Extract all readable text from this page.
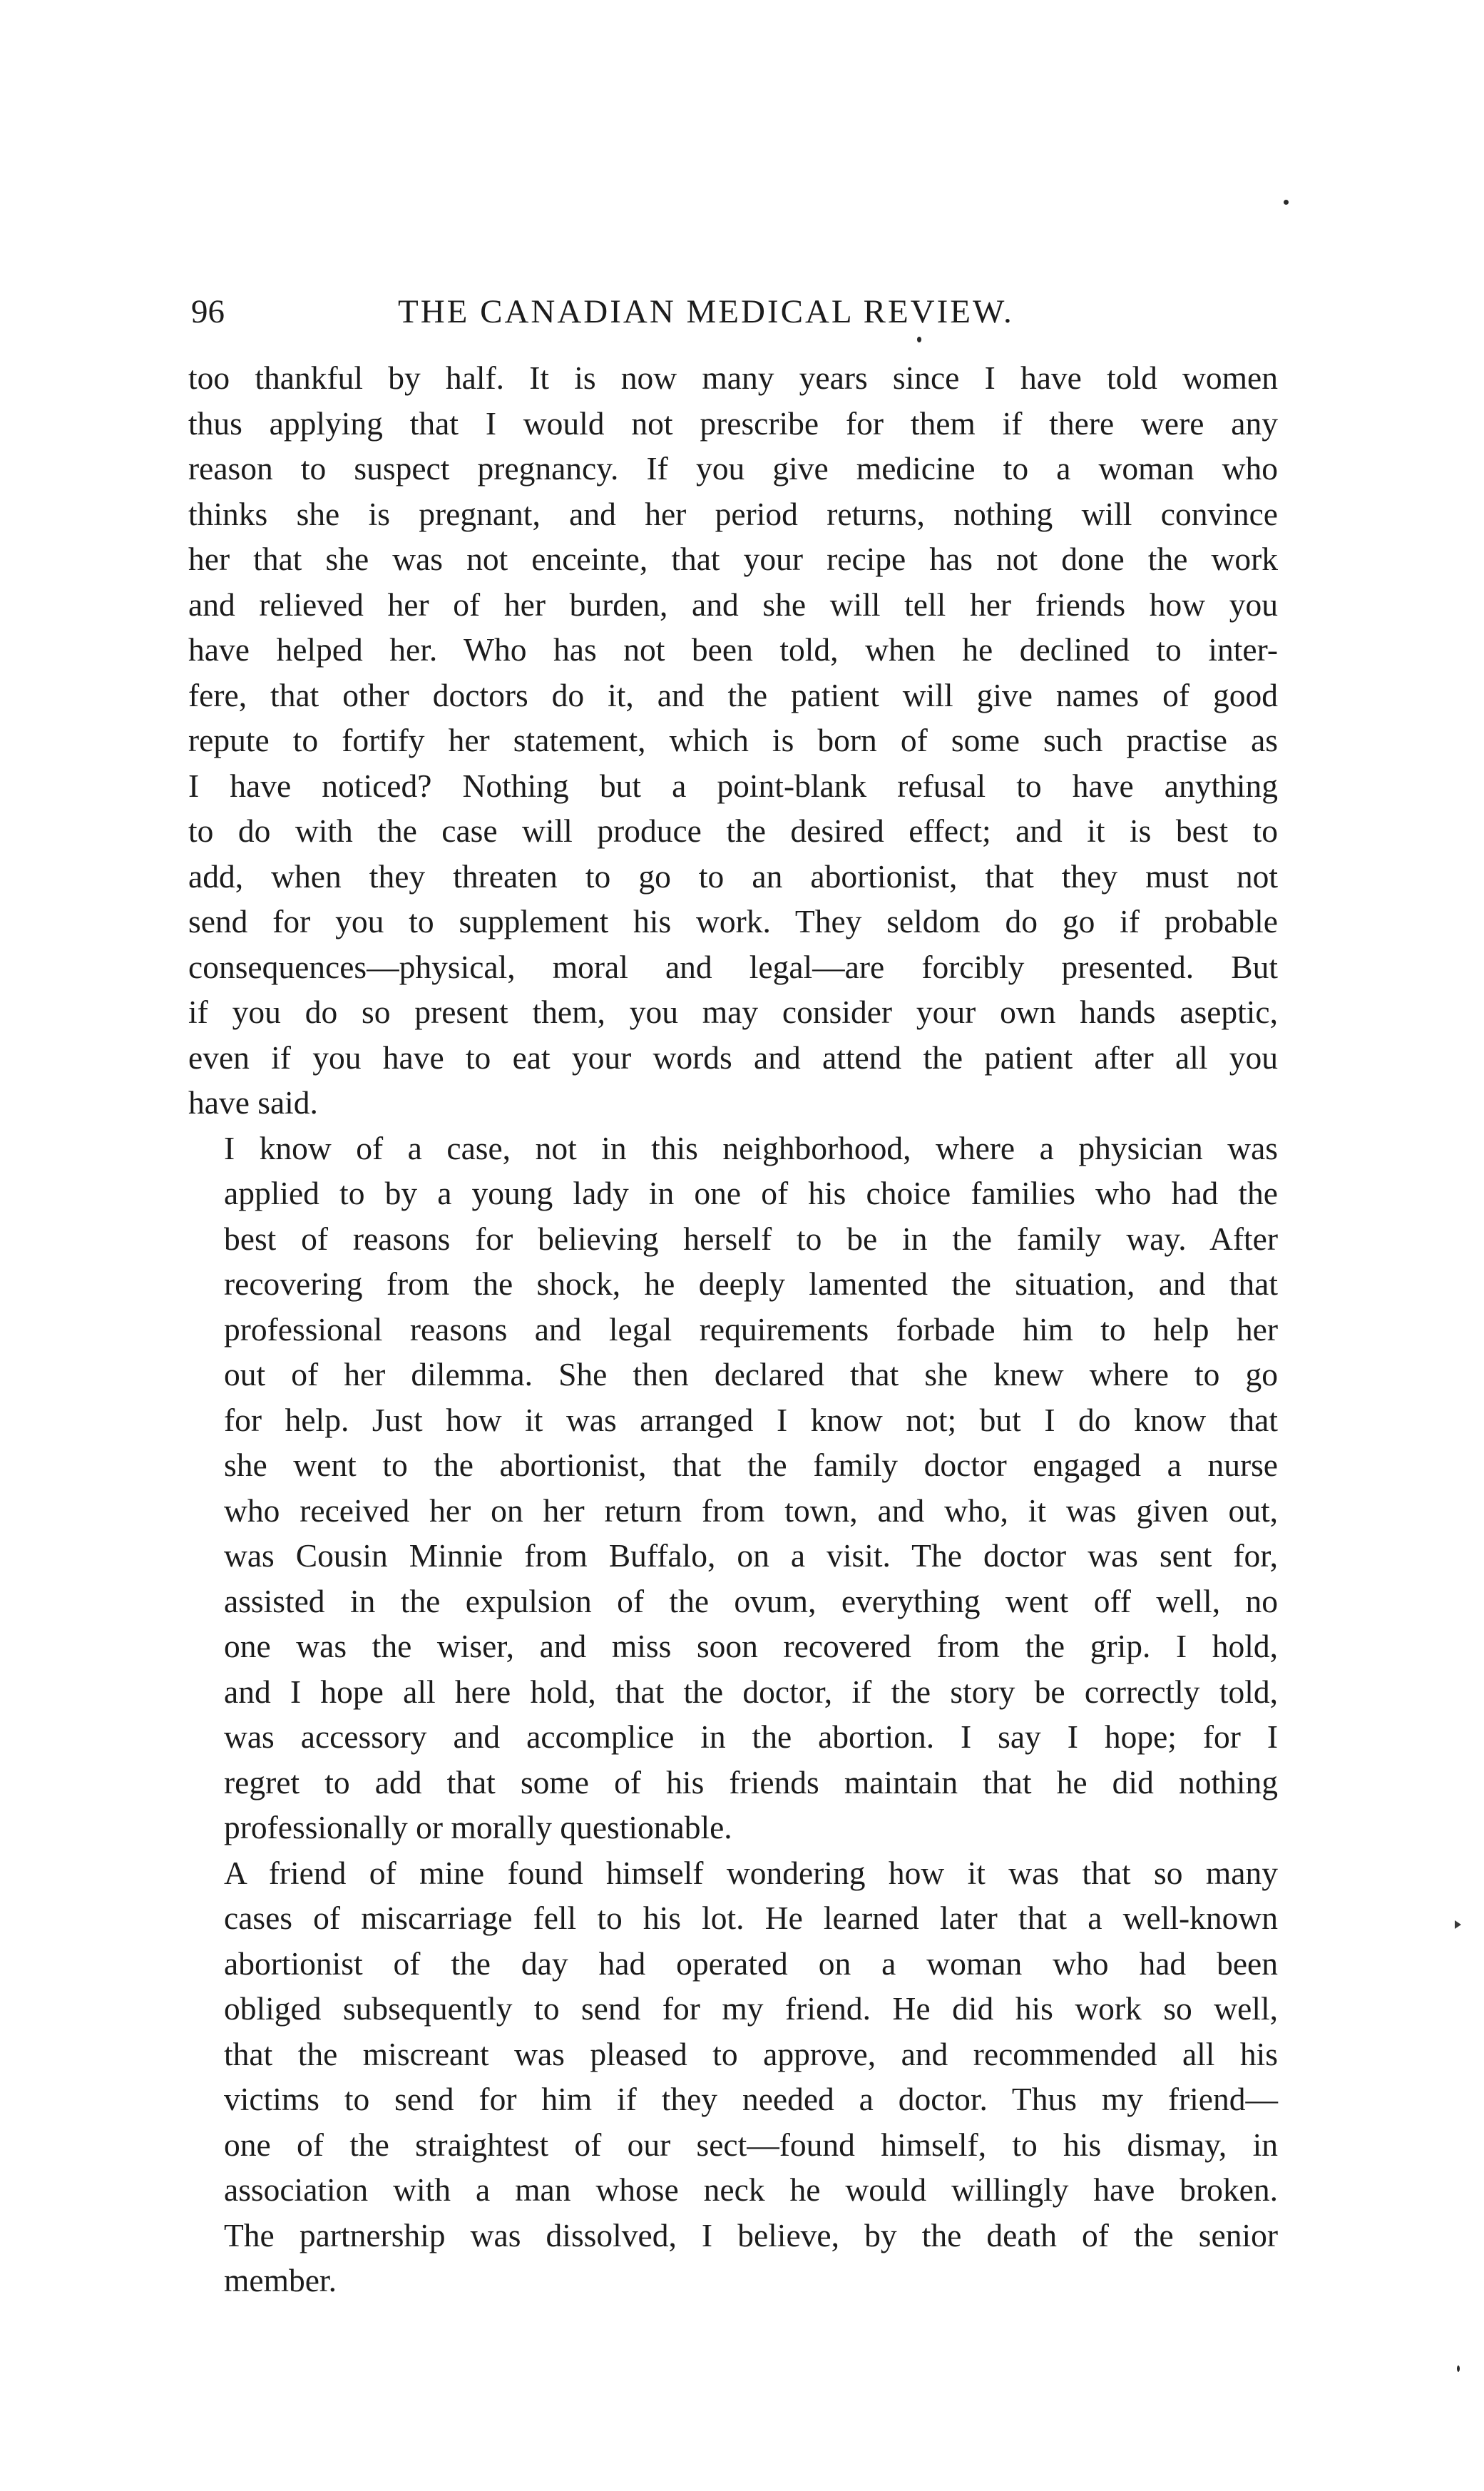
96	THE CANADIAN MEDICAL REVIEW.

too thankful by half. It is now many years since I have told women
thus applying that I would not prescribe for them if there were any
reason to suspect pregnancy. If you give medicine to a woman who
thinks she is pregnant, and her period returns, nothing will convince
her that she was not enceinte, that your recipe has not done the work
and relieved her of her burden, and she will tell her friends how you
have helped her. Who has not been told, when he declined to inter-
fere, that other doctors do it, and the patient will give names of good
repute to fortify her statement, which is born of some such practise as
I have noticed? Nothing but a point-blank refusal to have anything
to do with the case will produce the desired effect; and it is best to
add, when they threaten to go to an abortionist, that they must not
send for you to supplement his work. They seldom do go if probable
consequences—physical, moral and legal—are forcibly presented. But
if you do so present them, you may consider your own hands aseptic,
even if you have to eat your words and attend the patient after all you
have said.

I know of a case, not in this neighborhood, where a physician was
applied to by a young lady in one of his choice families who had the
best of reasons for believing herself to be in the family way. After
recovering from the shock, he deeply lamented the situation, and that
professional reasons and legal requirements forbade him to help her
out of her dilemma. She then declared that she knew where to go
for help. Just how it was arranged I know not; but I do know that
she went to the abortionist, that the family doctor engaged a nurse
who received her on her return from town, and who, it was given out,
was Cousin Minnie from Buffalo, on a visit. The doctor was sent for,
assisted in the expulsion of the ovum, everything went off well, no
one was the wiser, and miss soon recovered from the grip. I hold,
and I hope all here hold, that the doctor, if the story be correctly told,
was accessory and accomplice in the abortion. I say I hope; for I
regret to add that some of his friends maintain that he did nothing
professionally or morally questionable.

A friend of mine found himself wondering how it was that so many
cases of miscarriage fell to his lot. He learned later that a well-known
abortionist of the day had operated on a woman who had been
obliged subsequently to send for my friend. He did his work so well,
that the miscreant was pleased to approve, and recommended all his
victims to send for him if they needed a doctor. Thus my friend—
one of the straightest of our sect—found himself, to his dismay, in
association with a man whose neck he would willingly have broken.
The partnership was dissolved, I believe, by the death of the senior
member.
